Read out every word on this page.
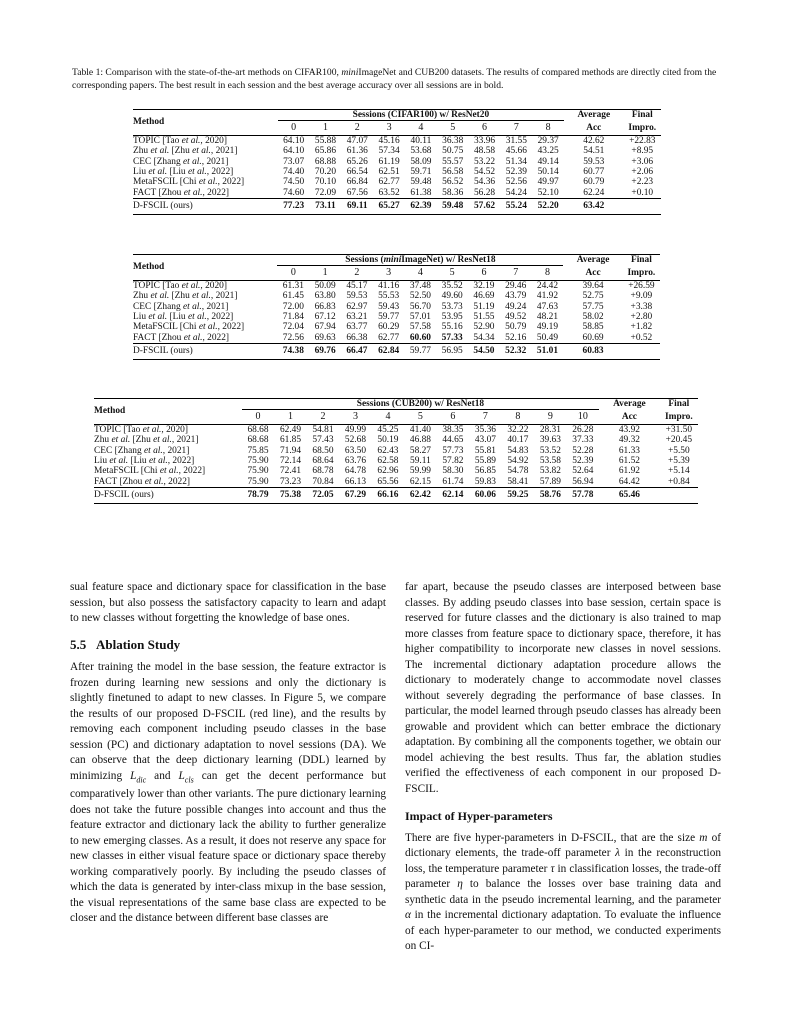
Table 1: Comparison with the state-of-the-art methods on CIFAR100, miniImageNet and CUB200 datasets. The results of compared methods are directly cited from the corresponding papers. The best result in each session and the best average accuracy over all sessions are in bold.
Method	Sessions (CIFAR100) w/ ResNet20									Average	Final
	0	1	2	3	4	5	6	7	8	Acc	Impro.
TOPIC [Tao et al., 2020]	64.10	55.88	47.07	45.16	40.11	36.38	33.96	31.55	29.37	42.62	+22.83
Zhu et al. [Zhu et al., 2021]	64.10	65.86	61.36	57.34	53.68	50.75	48.58	45.66	43.25	54.51	+8.95
CEC [Zhang et al., 2021]	73.07	68.88	65.26	61.19	58.09	55.57	53.22	51.34	49.14	59.53	+3.06
Liu et al. [Liu et al., 2022]	74.40	70.20	66.54	62.51	59.71	56.58	54.52	52.39	50.14	60.77	+2.06
MetaFSCIL [Chi et al., 2022]	74.50	70.10	66.84	62.77	59.48	56.52	54.36	52.56	49.97	60.79	+2.23
FACT [Zhou et al., 2022]	74.60	72.09	67.56	63.52	61.38	58.36	56.28	54.24	52.10	62.24	+0.10
D-FSCIL (ours)	77.23	73.11	69.11	65.27	62.39	59.48	57.62	55.24	52.20	63.42	
Method	Sessions (miniImageNet) w/ ResNet18									Average	Final
	0	1	2	3	4	5	6	7	8	Acc	Impro.
TOPIC [Tao et al., 2020]	61.31	50.09	45.17	41.16	37.48	35.52	32.19	29.46	24.42	39.64	+26.59
Zhu et al. [Zhu et al., 2021]	61.45	63.80	59.53	55.53	52.50	49.60	46.69	43.79	41.92	52.75	+9.09
CEC [Zhang et al., 2021]	72.00	66.83	62.97	59.43	56.70	53.73	51.19	49.24	47.63	57.75	+3.38
Liu et al. [Liu et al., 2022]	71.84	67.12	63.21	59.77	57.01	53.95	51.55	49.52	48.21	58.02	+2.80
MetaFSCIL [Chi et al., 2022]	72.04	67.94	63.77	60.29	57.58	55.16	52.90	50.79	49.19	58.85	+1.82
FACT [Zhou et al., 2022]	72.56	69.63	66.38	62.77	60.60	57.33	54.34	52.16	50.49	60.69	+0.52
D-FSCIL (ours)	74.38	69.76	66.47	62.84	59.77	56.95	54.50	52.32	51.01	60.83	
Method	Sessions (CUB200) w/ ResNet18											Average	Final
	0	1	2	3	4	5	6	7	8	9	10	Acc	Impro.
TOPIC [Tao et al., 2020]	68.68	62.49	54.81	49.99	45.25	41.40	38.35	35.36	32.22	28.31	26.28	43.92	+31.50
Zhu et al. [Zhu et al., 2021]	68.68	61.85	57.43	52.68	50.19	46.88	44.65	43.07	40.17	39.63	37.33	49.32	+20.45
CEC [Zhang et al., 2021]	75.85	71.94	68.50	63.50	62.43	58.27	57.73	55.81	54.83	53.52	52.28	61.33	+5.50
Liu et al. [Liu et al., 2022]	75.90	72.14	68.64	63.76	62.58	59.11	57.82	55.89	54.92	53.58	52.39	61.52	+5.39
MetaFSCIL [Chi et al., 2022]	75.90	72.41	68.78	64.78	62.96	59.99	58.30	56.85	54.78	53.82	52.64	61.92	+5.14
FACT [Zhou et al., 2022]	75.90	73.23	70.84	66.13	65.56	62.15	61.74	59.83	58.41	57.89	56.94	64.42	+0.84
D-FSCIL (ours)	78.79	75.38	72.05	67.29	66.16	62.42	62.14	60.06	59.25	58.76	57.78	65.46	

sual feature space and dictionary space for classification in the base session, but also possess the satisfactory capacity to learn and adapt to new classes without forgetting the knowledge of base ones.

5.5 Ablation Study

After training the model in the base session, the feature extractor is frozen during learning new sessions and only the dictionary is slightly finetuned to adapt to new classes. In Figure 5, we compare the results of our proposed D-FSCIL (red line), and the results by removing each component including pseudo classes in the base session (PC) and dictionary adaptation to novel sessions (DA). We can observe that the deep dictionary learning (DDL) learned by minimizing $L_{dic}$ and $L_{cls}$ can get the decent performance but comparatively lower than other variants. The pure dictionary learning does not take the future possible changes into account and thus the feature extractor and dictionary lack the ability to further generalize to new emerging classes. As a result, it does not reserve any space for new classes in either visual feature space or dictionary space thereby working comparatively poorly. By including the pseudo classes of which the data is generated by inter-class mixup in the base session, the visual representations of the same base class are expected to be closer and the distance between different base classes are

far apart, because the pseudo classes are interposed between base classes. By adding pseudo classes into base session, certain space is reserved for future classes and the dictionary is also trained to map more classes from feature space to dictionary space, therefore, it has higher compatibility to incorporate new classes in novel sessions. The incremental dictionary adaptation procedure allows the dictionary to moderately change to accommodate novel classes without severely degrading the performance of base classes. In particular, the model learned through pseudo classes has already been growable and provident which can better embrace the dictionary adaptation. By combining all the components together, we obtain our model achieving the best results. Thus far, the ablation studies verified the effectiveness of each component in our proposed D-FSCIL.

Impact of Hyper-parameters

There are five hyper-parameters in D-FSCIL, that are the size m of dictionary elements, the trade-off parameter λ in the reconstruction loss, the temperature parameter τ in classification losses, the trade-off parameter η to balance the losses over base training data and synthetic data in the pseudo incremental learning, and the parameter α in the incremental dictionary adaptation. To evaluate the influence of each hyper-parameter to our method, we conducted experiments on CI-
